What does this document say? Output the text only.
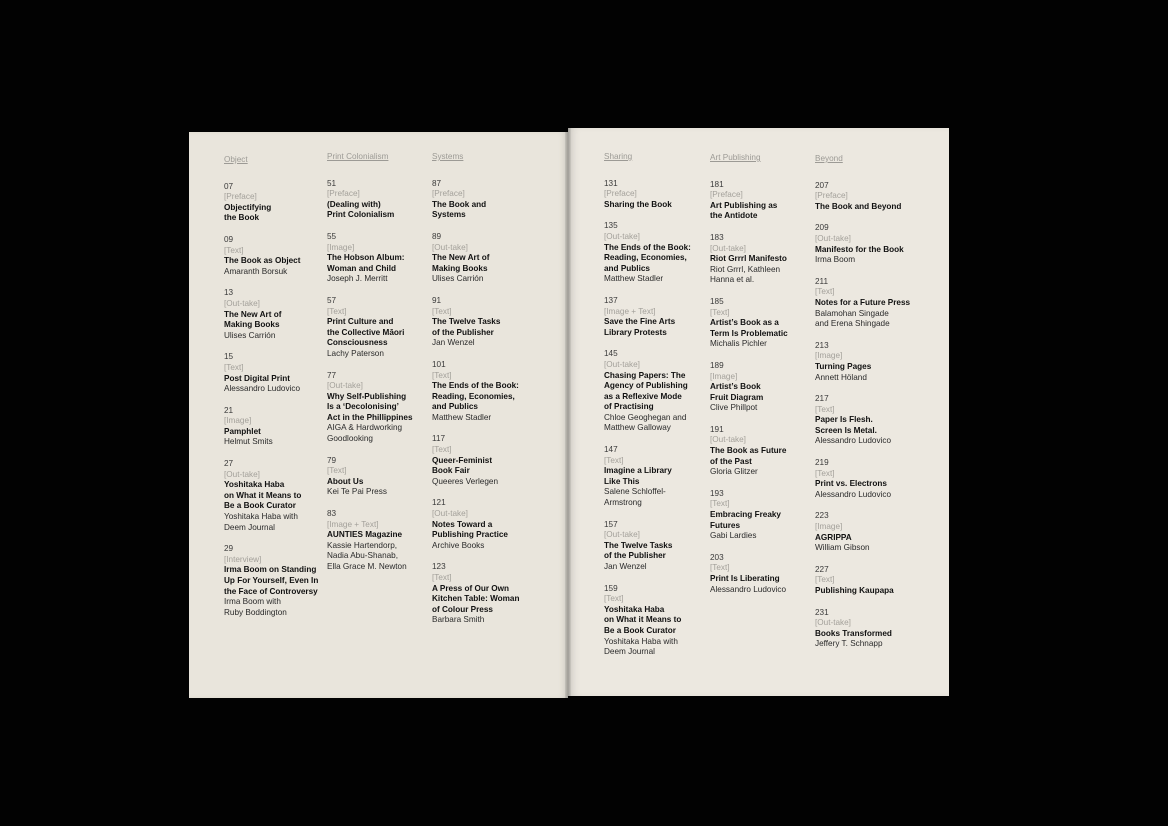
Object
07
[Preface]
Objectifying
the Book
09
[Text]
The Book as Object
Amaranth Borsuk
13
[Out-take]
The New Art of
Making Books
Ulises Carrión
15
[Text]
Post Digital Print
Alessandro Ludovico
21
[Image]
Pamphlet
Helmut Smits
27
[Out-take]
Yoshitaka Haba
on What it Means to
Be a Book Curator
Yoshitaka Haba with
Deem Journal
29
[Interview]
Irma Boom on Standing
Up For Yourself, Even In
the Face of Controversy
Irma Boom with
Ruby Boddington
Print Colonialism
51
[Preface]
(Dealing with)
Print Colonialism
55
[Image]
The Hobson Album:
Woman and Child
Joseph J. Merritt
57
[Text]
Print Culture and
the Collective Māori
Consciousness
Lachy Paterson
77
[Out-take]
Why Self-Publishing
Is a ‘Decolonising’
Act in the Phillippines
AIGA & Hardworking
Goodlooking
79
[Text]
About Us
Kei Te Pai Press
83
[Image + Text]
AUNTIES Magazine
Kassie Hartendorp,
Nadia Abu-Shanab,
Ella Grace M. Newton
Systems
87
[Preface]
The Book and
Systems
89
[Out-take]
The New Art of
Making Books
Ulises Carrión
91
[Text]
The Twelve Tasks
of the Publisher
Jan Wenzel
101
[Text]
The Ends of the Book:
Reading, Economies,
and Publics
Matthew Stadler
117
[Text]
Queer-Feminist
Book Fair
Queeres Verlegen
121
[Out-take]
Notes Toward a
Publishing Practice
Archive Books
123
[Text]
A Press of Our Own
Kitchen Table: Woman
of Colour Press
Barbara Smith
Sharing
131
[Preface]
Sharing the Book
135
[Out-take]
The Ends of the Book:
Reading, Economies,
and Publics
Matthew Stadler
137
[Image + Text]
Save the Fine Arts
Library Protests
145
[Out-take]
Chasing Papers: The
Agency of Publishing
as a Reflexive Mode
of Practising
Chloe Geoghegan and
Matthew Galloway
147
[Text]
Imagine a Library
Like This
Salene Schloffel-
Armstrong
157
[Out-take]
The Twelve Tasks
of the Publisher
Jan Wenzel
159
[Text]
Yoshitaka Haba
on What it Means to
Be a Book Curator
Yoshitaka Haba with
Deem Journal
Art Publishing
181
[Preface]
Art Publishing as
the Antidote
183
[Out-take]
Riot Grrrl Manifesto
Riot Grrrl, Kathleen
Hanna et al.
185
[Text]
Artist’s Book as a
Term Is Problematic
Michalis Pichler
189
[Image]
Artist’s Book
Fruit Diagram
Clive Phillpot
191
[Out-take]
The Book as Future
of the Past
Gloria Glitzer
193
[Text]
Embracing Freaky
Futures
Gabi Lardies
203
[Text]
Print Is Liberating
Alessandro Ludovico
Beyond
207
[Preface]
The Book and Beyond
209
[Out-take]
Manifesto for the Book
Irma Boom
211
[Text]
Notes for a Future Press
Balamohan Singade
and Erena Shingade
213
[Image]
Turning Pages
Annett Höland
217
[Text]
Paper Is Flesh.
Screen Is Metal.
Alessandro Ludovico
219
[Text]
Print vs. Electrons
Alessandro Ludovico
223
[Image]
AGRIPPA
William Gibson
227
[Text]
Publishing Kaupapa
231
[Out-take]
Books Transformed
Jeffery T. Schnapp
